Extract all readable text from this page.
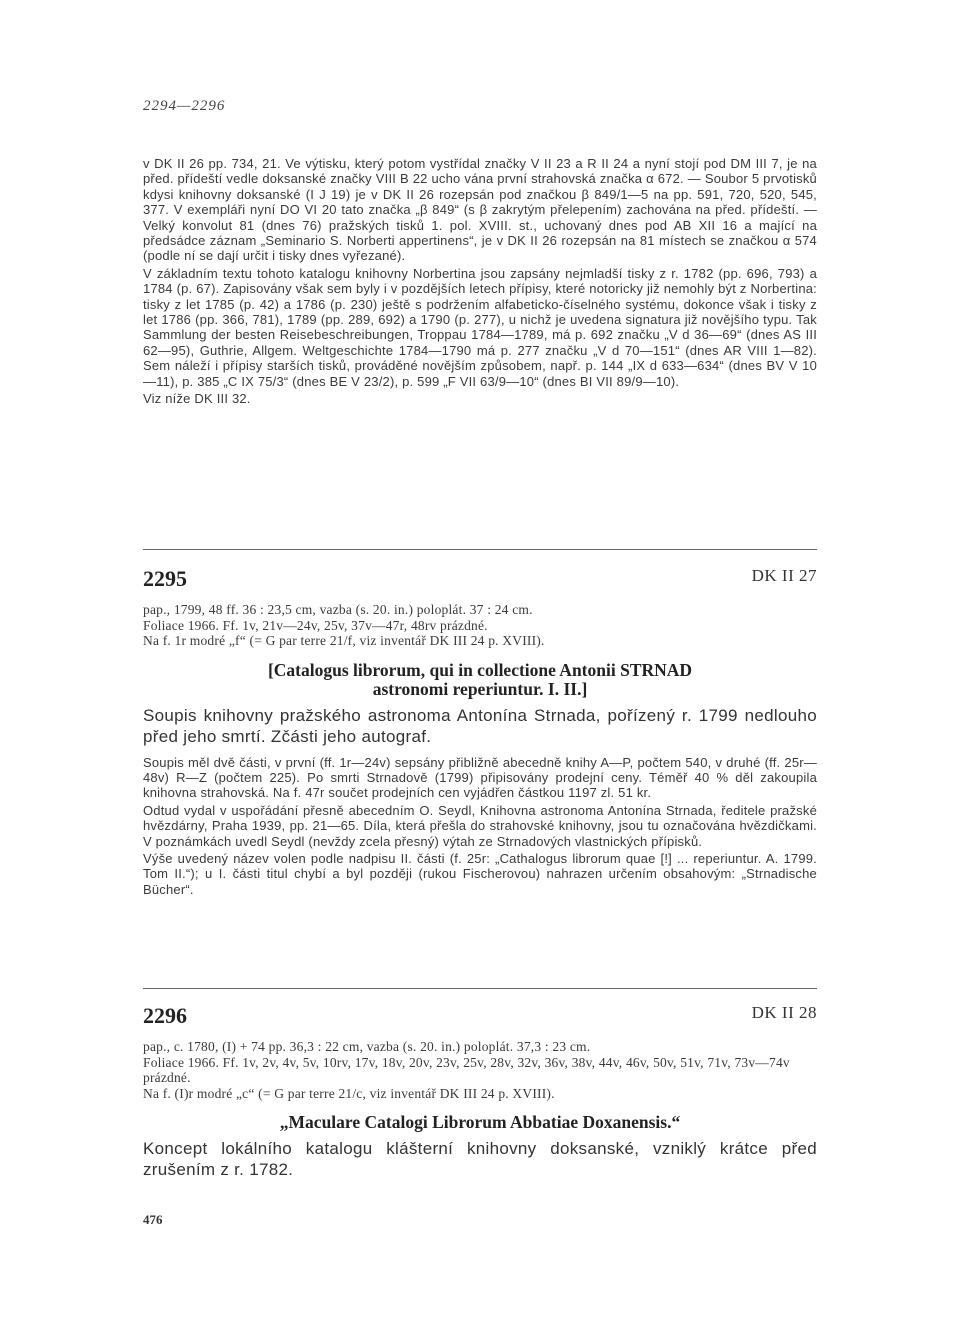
2294—2296

v DK II 26 pp. 734, 21. Ve výtisku, který potom vystřídal značky V II 23 a R II 24 a nyní stojí pod DM III 7, je na před. přídeští vedle doksanské značky VIII B 22 ucho vána první strahovská značka α 672. — Soubor 5 prvotisků kdysi knihovny doksanské (I J 19) je v DK II 26 rozepsán pod značkou β 849/1—5 na pp. 591, 720, 520, 545, 377. V exempláři nyní DO VI 20 tato značka „β 849“ (s β zakrytým přelepením) zachována na před. přídeští. — Velký konvolut 81 (dnes 76) pražských tisků 1. pol. XVIII. st., uchovaný dnes pod AB XII 16 a mající na předsádce záznam „Seminario S. Norberti appertinens“, je v DK II 26 rozepsán na 81 místech se značkou α 574 (podle ní se dají určit i tisky dnes vyřezané).

V základním textu tohoto katalogu knihovny Norbertina jsou zapsány nejmladší tisky z r. 1782 (pp. 696, 793) a 1784 (p. 67). Zapisovány však sem byly i v pozdějších letech přípisy, které notoricky již nemohly být z Norbertina: tisky z let 1785 (p. 42) a 1786 (p. 230) ještě s podržením alfabeticko-číselného systému, dokonce však i tisky z let 1786 (pp. 366, 781), 1789 (pp. 289, 692) a 1790 (p. 277), u nichž je uvedena signatura již novějšího typu. Tak Sammlung der besten Reisebeschreibungen, Troppau 1784—1789, má p. 692 značku „V d 36—69“ (dnes AS III 62—95), Guthrie, Allgem. Weltgeschichte 1784—1790 má p. 277 značku „V d 70—151“ (dnes AR VIII 1—82). Sem náleží i přípisy starších tisků, prováděné novějším způsobem, např. p. 144 „IX d 633—634“ (dnes BV V 10—11), p. 385 „C IX 75/3“ (dnes BE V 23/2), p. 599 „F VII 63/9—10“ (dnes BI VII 89/9—10).

Viz níže DK III 32.

2295	DK II 27

pap., 1799, 48 ff. 36 : 23,5 cm, vazba (s. 20. in.) poloplát. 37 : 24 cm.

Foliace 1966. Ff. 1v, 21v—24v, 25v, 37v—47r, 48rv prázdné.

Na f. 1r modré „f“ (= G par terre 21/f, viz inventář DK III 24 p. XVIII).

[Catalogus librorum, qui in collectione Antonii STRNAD
astronomi reperiuntur. I. II.]
Soupis knihovny pražského astronoma Antonína Strnada, pořízený r. 1799 nedlouho před jeho smrtí. Zčásti jeho autograf.

Soupis měl dvě části, v první (ff. 1r—24v) sepsány přibližně abecedně knihy A—P, počtem 540, v druhé (ff. 25r—48v) R—Z (počtem 225). Po smrti Strnadově (1799) připisovány prodejní ceny. Téměř 40 % děl zakoupila knihovna strahovská. Na f. 47r součet prodejních cen vyjádřen částkou 1197 zl. 51 kr.

Odtud vydal v uspořádání přesně abecedním O. Seydl, Knihovna astronoma Antonína Strnada, ředitele pražské hvězdárny, Praha 1939, pp. 21—65. Díla, která přešla do strahovské knihovny, jsou tu označována hvězdičkami. V poznámkách uvedl Seydl (nevždy zcela přesný) výtah ze Strnadových vlastnických přípisků.

Výše uvedený název volen podle nadpisu II. části (f. 25r: „Cathalogus librorum quae [!] ... reperiuntur. A. 1799. Tom II.“); u I. části titul chybí a byl později (rukou Fischerovou) nahrazen určením obsahovým: „Strnadische Bücher“.

2296	DK II 28

pap., c. 1780, (I) + 74 pp. 36,3 : 22 cm, vazba (s. 20. in.) poloplát. 37,3 : 23 cm.

Foliace 1966. Ff. 1v, 2v, 4v, 5v, 10rv, 17v, 18v, 20v, 23v, 25v, 28v, 32v, 36v, 38v, 44v, 46v, 50v, 51v, 71v, 73v—74v prázdné.

Na f. (I)r modré „c“ (= G par terre 21/c, viz inventář DK III 24 p. XVIII).

„Maculare Catalogi Librorum Abbatiae Doxanensis.“
Koncept lokálního katalogu klášterní knihovny doksanské, vzniklý krátce před zrušením z r. 1782.
476
